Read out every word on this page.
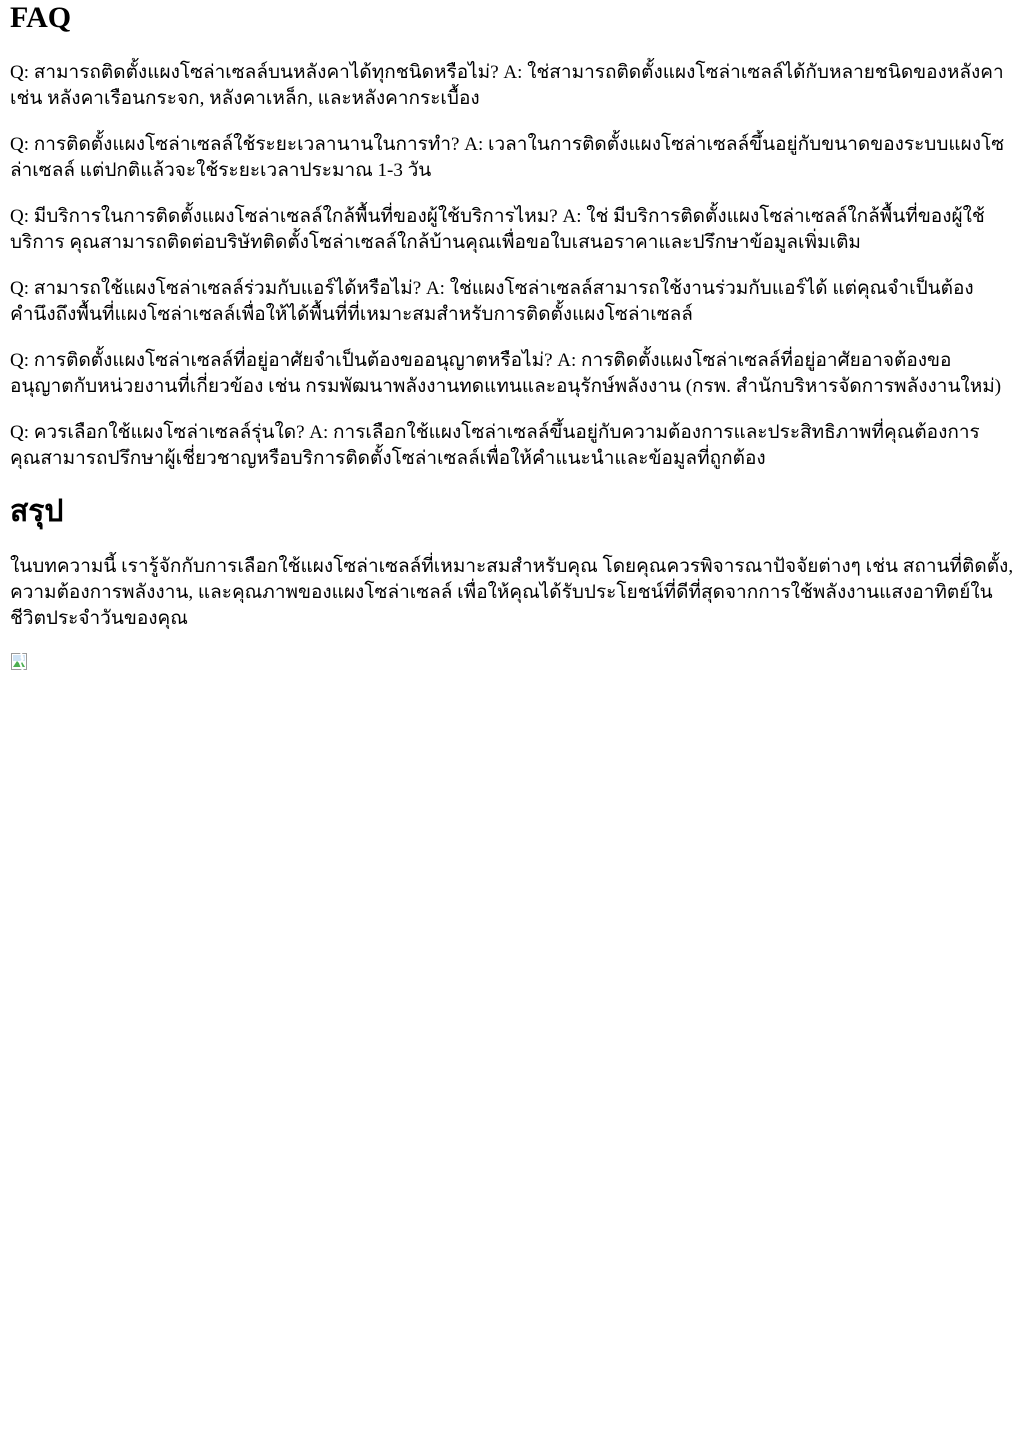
FAQ

Q: สามารถติดตั้งแผงโซล่าเซลล์บนหลังคาได้ทุกชนิดหรือไม่? A: ใช่สามารถติดตั้งแผงโซล่าเซลล์ได้กับหลายชนิดของหลังคา เช่น หลังคาเรือนกระจก, หลังคาเหล็ก, และหลังคากระเบื้อง

Q: การติดตั้งแผงโซล่าเซลล์ใช้ระยะเวลานานในการทำ? A: เวลาในการติดตั้งแผงโซล่าเซลล์ขึ้นอยู่กับขนาดของระบบแผงโซล่าเซลล์ แต่ปกติแล้วจะใช้ระยะเวลาประมาณ 1-3 วัน

Q: มีบริการในการติดตั้งแผงโซล่าเซลล์ใกล้พื้นที่ของผู้ใช้บริการไหม? A: ใช่ มีบริการติดตั้งแผงโซล่าเซลล์ใกล้พื้นที่ของผู้ใช้บริการ คุณสามารถติดต่อบริษัทติดตั้งโซล่าเซลล์ใกล้บ้านคุณเพื่อขอใบเสนอราคาและปรึกษาข้อมูลเพิ่มเติม

Q: สามารถใช้แผงโซล่าเซลล์ร่วมกับแอร์ได้หรือไม่? A: ใช่แผงโซล่าเซลล์สามารถใช้งานร่วมกับแอร์ได้ แต่คุณจำเป็นต้องคำนึงถึงพื้นที่แผงโซล่าเซลล์เพื่อให้ได้พื้นที่ที่เหมาะสมสำหรับการติดตั้งแผงโซล่าเซลล์

Q: การติดตั้งแผงโซล่าเซลล์ที่อยู่อาศัยจำเป็นต้องขออนุญาตหรือไม่? A: การติดตั้งแผงโซล่าเซลล์ที่อยู่อาศัยอาจต้องขออนุญาตกับหน่วยงานที่เกี่ยวข้อง เช่น กรมพัฒนาพลังงานทดแทนและอนุรักษ์พลังงาน (กรพ. สำนักบริหารจัดการพลังงานใหม่)

Q: ควรเลือกใช้แผงโซล่าเซลล์รุ่นใด? A: การเลือกใช้แผงโซล่าเซลล์ขึ้นอยู่กับความต้องการและประสิทธิภาพที่คุณต้องการ คุณสามารถปรึกษาผู้เชี่ยวชาญหรือบริการติดตั้งโซล่าเซลล์เพื่อให้คำแนะนำและข้อมูลที่ถูกต้อง

สรุป

ในบทความนี้ เรารู้จักกับการเลือกใช้แผงโซล่าเซลล์ที่เหมาะสมสำหรับคุณ โดยคุณควรพิจารณาปัจจัยต่างๆ เช่น สถานที่ติดตั้ง, ความต้องการพลังงาน, และคุณภาพของแผงโซล่าเซลล์ เพื่อให้คุณได้รับประโยชน์ที่ดีที่สุดจากการใช้พลังงานแสงอาทิตย์ในชีวิตประจำวันของคุณ
